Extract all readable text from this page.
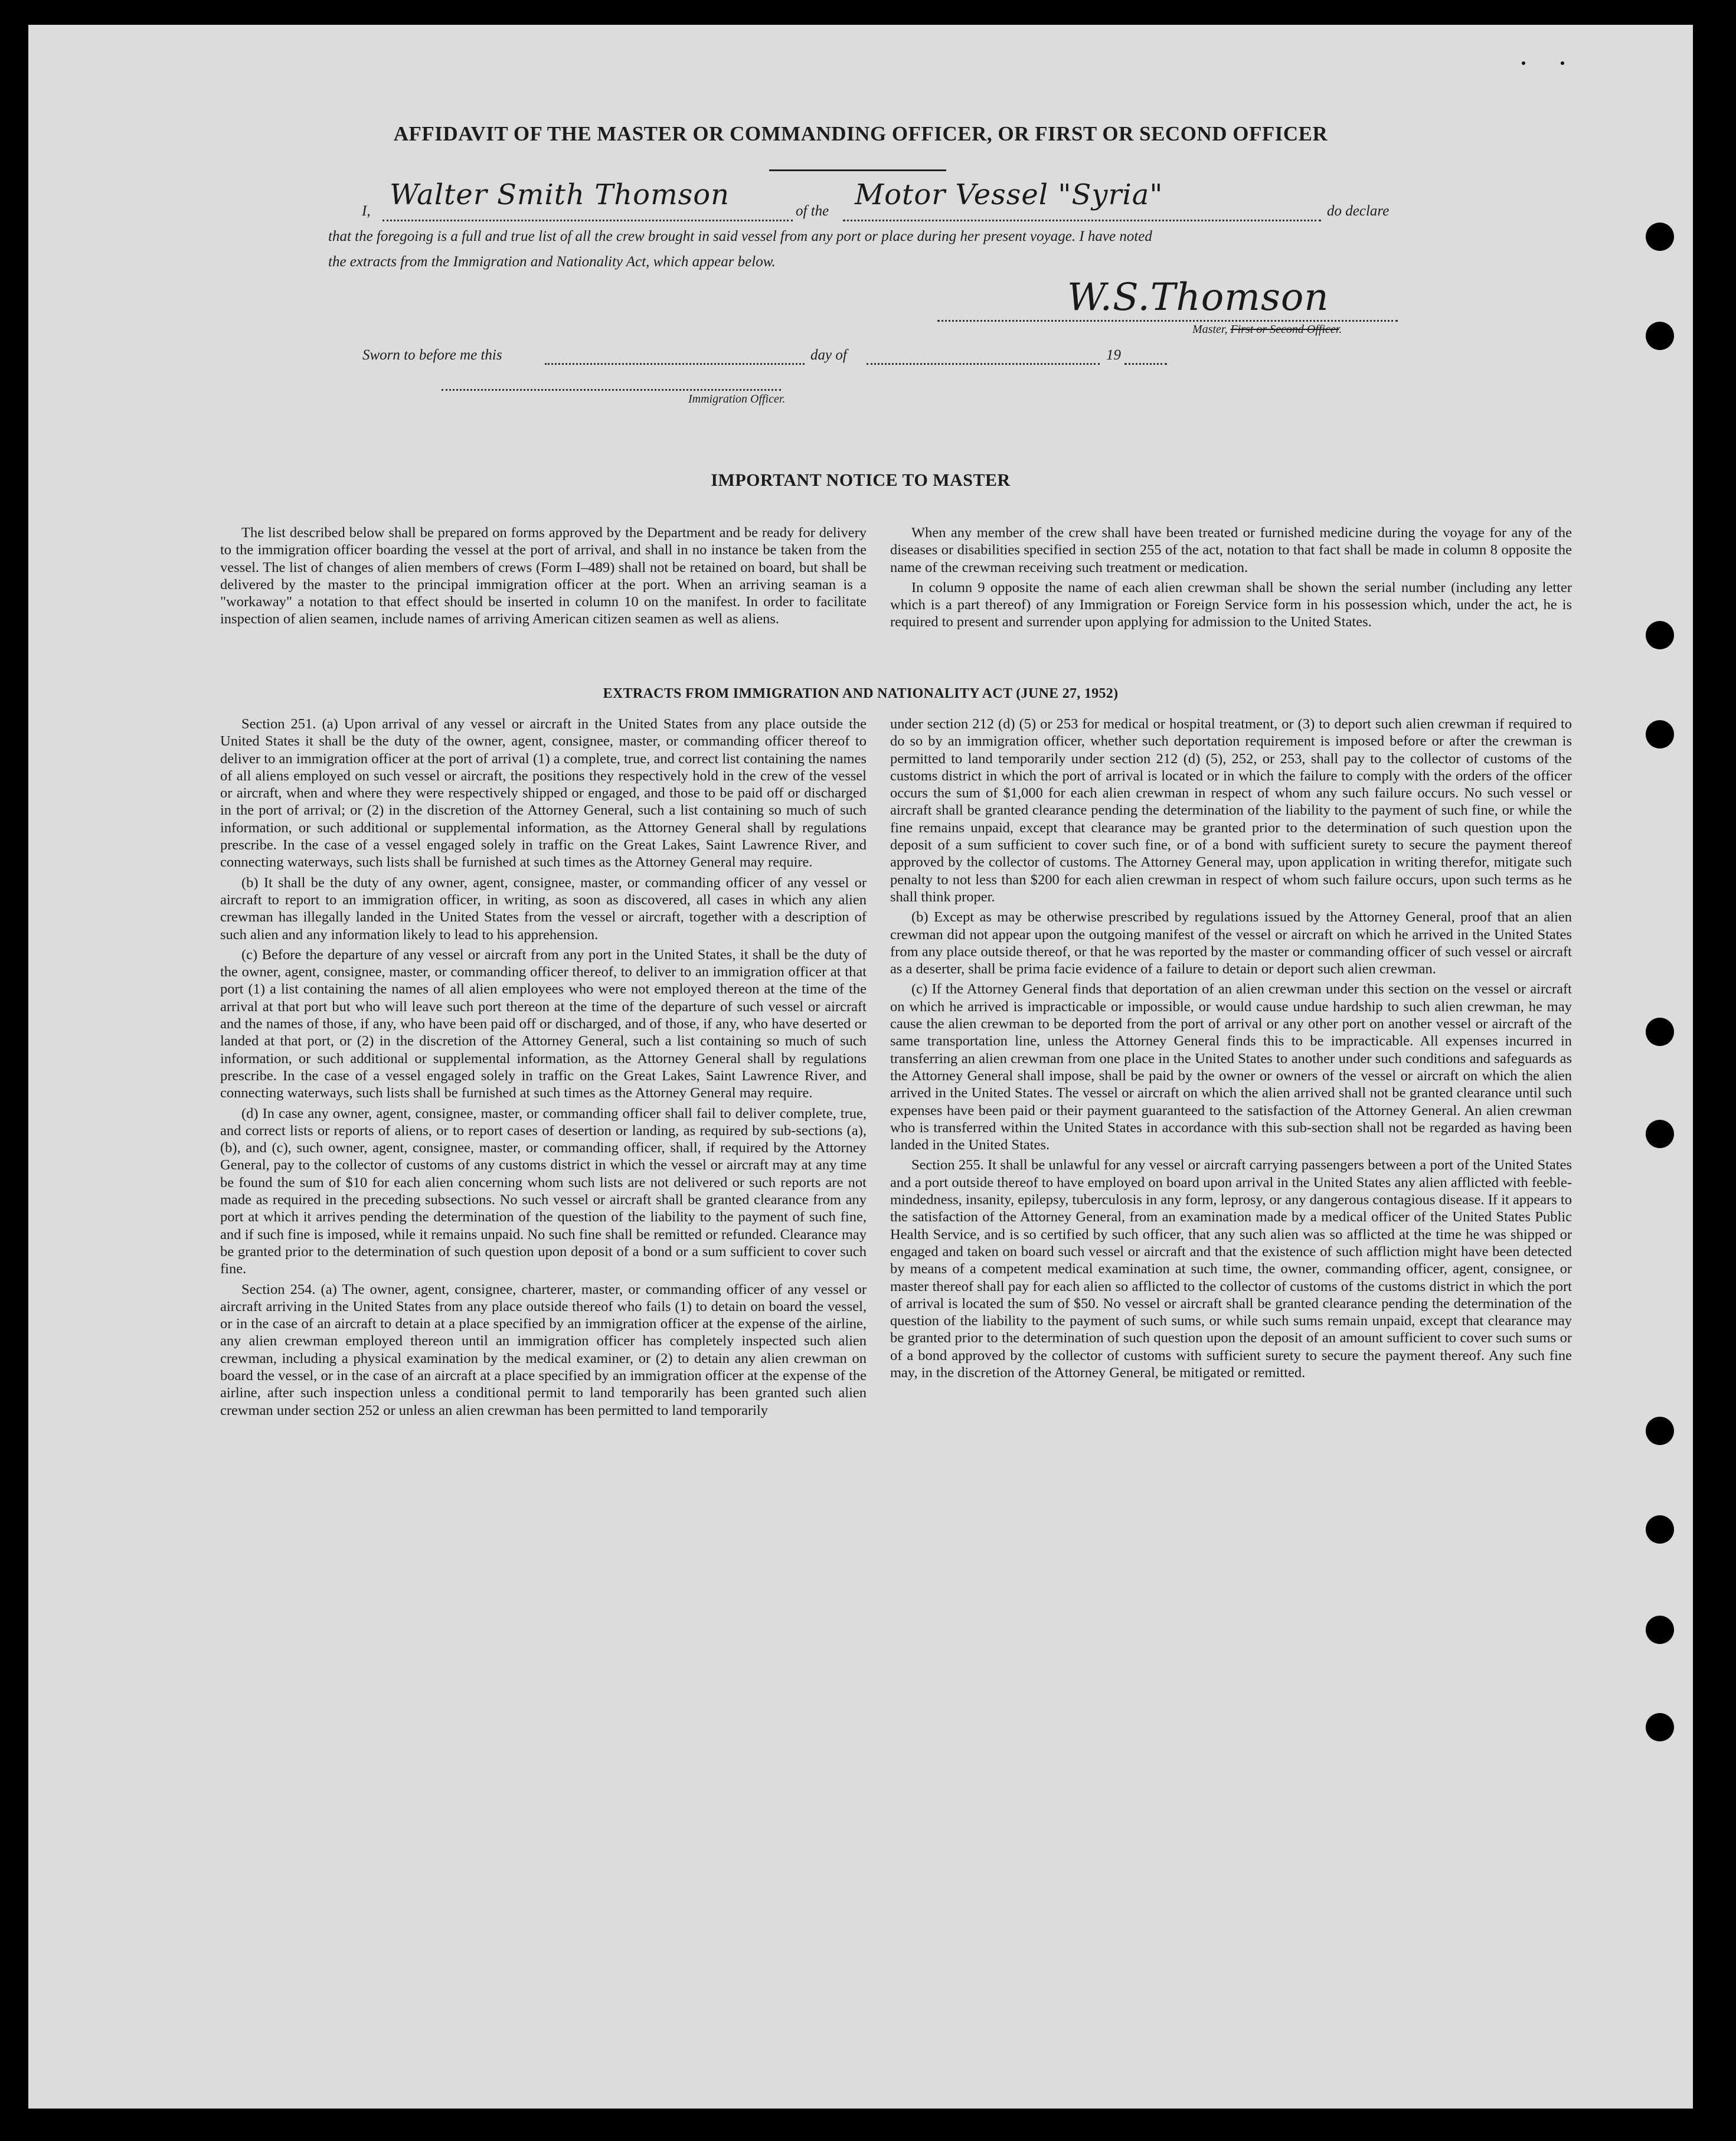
AFFIDAVIT OF THE MASTER OR COMMANDING OFFICER, OR FIRST OR SECOND OFFICER
I, Walter Smith Thomson	of the Motor Vessel "Syria"	do declare
that the foregoing is a full and true list of all the crew brought in said vessel from any port or place during her present voyage. I have noted
the extracts from the Immigration and Nationality Act, which appear below.
W.S.Thomson
Master, First or Second Officer.
Sworn to before me this	day of	19
Immigration Officer.
IMPORTANT NOTICE TO MASTER

The list described below shall be prepared on forms approved by the Department and be ready for delivery to the immigration officer boarding the vessel at the port of arrival, and shall in no instance be taken from the vessel. The list of changes of alien members of crews (Form I–489) shall not be retained on board, but shall be delivered by the master to the principal immigration officer at the port. When an arriving seaman is a "workaway" a notation to that effect should be inserted in column 10 on the manifest. In order to facilitate inspection of alien seamen, include names of arriving American citizen seamen as well as aliens.

When any member of the crew shall have been treated or furnished medicine during the voyage for any of the diseases or disabilities specified in section 255 of the act, notation to that fact shall be made in column 8 opposite the name of the crewman receiving such treatment or medication.

In column 9 opposite the name of each alien crewman shall be shown the serial number (including any letter which is a part thereof) of any Immigration or Foreign Service form in his possession which, under the act, he is required to present and surrender upon applying for admission to the United States.

EXTRACTS FROM IMMIGRATION AND NATIONALITY ACT (JUNE 27, 1952)

Section 251. (a) Upon arrival of any vessel or aircraft in the United States from any place outside the United States it shall be the duty of the owner, agent, consignee, master, or commanding officer thereof to deliver to an immigration officer at the port of arrival (1) a complete, true, and correct list containing the names of all aliens employed on such vessel or aircraft, the positions they respectively hold in the crew of the vessel or aircraft, when and where they were respectively shipped or engaged, and those to be paid off or discharged in the port of arrival; or (2) in the discretion of the Attorney General, such a list containing so much of such information, or such additional or supplemental information, as the Attorney General shall by regulations prescribe. In the case of a vessel engaged solely in traffic on the Great Lakes, Saint Lawrence River, and connecting waterways, such lists shall be furnished at such times as the Attorney General may require.

(b) It shall be the duty of any owner, agent, consignee, master, or commanding officer of any vessel or aircraft to report to an immigration officer, in writing, as soon as discovered, all cases in which any alien crewman has illegally landed in the United States from the vessel or aircraft, together with a description of such alien and any information likely to lead to his apprehension.

(c) Before the departure of any vessel or aircraft from any port in the United States, it shall be the duty of the owner, agent, consignee, master, or commanding officer thereof, to deliver to an immigration officer at that port (1) a list containing the names of all alien employees who were not employed thereon at the time of the arrival at that port but who will leave such port thereon at the time of the departure of such vessel or aircraft and the names of those, if any, who have been paid off or discharged, and of those, if any, who have deserted or landed at that port, or (2) in the discretion of the Attorney General, such a list containing so much of such information, or such additional or supplemental information, as the Attorney General shall by regulations prescribe. In the case of a vessel engaged solely in traffic on the Great Lakes, Saint Lawrence River, and connecting waterways, such lists shall be furnished at such times as the Attorney General may require.

(d) In case any owner, agent, consignee, master, or commanding officer shall fail to deliver complete, true, and correct lists or reports of aliens, or to report cases of desertion or landing, as required by sub-sections (a), (b), and (c), such owner, agent, consignee, master, or commanding officer, shall, if required by the Attorney General, pay to the collector of customs of any customs district in which the vessel or aircraft may at any time be found the sum of $10 for each alien concerning whom such lists are not delivered or such reports are not made as required in the preceding subsections. No such vessel or aircraft shall be granted clearance from any port at which it arrives pending the determination of the question of the liability to the payment of such fine, and if such fine is imposed, while it remains unpaid. No such fine shall be remitted or refunded. Clearance may be granted prior to the determination of such question upon deposit of a bond or a sum sufficient to cover such fine.

Section 254. (a) The owner, agent, consignee, charterer, master, or commanding officer of any vessel or aircraft arriving in the United States from any place outside thereof who fails (1) to detain on board the vessel, or in the case of an aircraft to detain at a place specified by an immigration officer at the expense of the airline, any alien crewman employed thereon until an immigration officer has completely inspected such alien crewman, including a physical examination by the medical examiner, or (2) to detain any alien crewman on board the vessel, or in the case of an aircraft at a place specified by an immigration officer at the expense of the airline, after such inspection unless a conditional permit to land temporarily has been granted such alien crewman under section 252 or unless an alien crewman has been permitted to land temporarily

under section 212 (d) (5) or 253 for medical or hospital treatment, or (3) to deport such alien crewman if required to do so by an immigration officer, whether such deportation requirement is imposed before or after the crewman is permitted to land temporarily under section 212 (d) (5), 252, or 253, shall pay to the collector of customs of the customs district in which the port of arrival is located or in which the failure to comply with the orders of the officer occurs the sum of $1,000 for each alien crewman in respect of whom any such failure occurs. No such vessel or aircraft shall be granted clearance pending the determination of the liability to the payment of such fine, or while the fine remains unpaid, except that clearance may be granted prior to the determination of such question upon the deposit of a sum sufficient to cover such fine, or of a bond with sufficient surety to secure the payment thereof approved by the collector of customs. The Attorney General may, upon application in writing therefor, mitigate such penalty to not less than $200 for each alien crewman in respect of whom such failure occurs, upon such terms as he shall think proper.

(b) Except as may be otherwise prescribed by regulations issued by the Attorney General, proof that an alien crewman did not appear upon the outgoing manifest of the vessel or aircraft on which he arrived in the United States from any place outside thereof, or that he was reported by the master or commanding officer of such vessel or aircraft as a deserter, shall be prima facie evidence of a failure to detain or deport such alien crewman.

(c) If the Attorney General finds that deportation of an alien crewman under this section on the vessel or aircraft on which he arrived is impracticable or impossible, or would cause undue hardship to such alien crewman, he may cause the alien crewman to be deported from the port of arrival or any other port on another vessel or aircraft of the same transportation line, unless the Attorney General finds this to be impracticable. All expenses incurred in transferring an alien crewman from one place in the United States to another under such conditions and safeguards as the Attorney General shall impose, shall be paid by the owner or owners of the vessel or aircraft on which the alien arrived in the United States. The vessel or aircraft on which the alien arrived shall not be granted clearance until such expenses have been paid or their payment guaranteed to the satisfaction of the Attorney General. An alien crewman who is transferred within the United States in accordance with this sub-section shall not be regarded as having been landed in the United States.

Section 255. It shall be unlawful for any vessel or aircraft carrying passengers between a port of the United States and a port outside thereof to have employed on board upon arrival in the United States any alien afflicted with feeble-mindedness, insanity, epilepsy, tuberculosis in any form, leprosy, or any dangerous contagious disease. If it appears to the satisfaction of the Attorney General, from an examination made by a medical officer of the United States Public Health Service, and is so certified by such officer, that any such alien was so afflicted at the time he was shipped or engaged and taken on board such vessel or aircraft and that the existence of such affliction might have been detected by means of a competent medical examination at such time, the owner, commanding officer, agent, consignee, or master thereof shall pay for each alien so afflicted to the collector of customs of the customs district in which the port of arrival is located the sum of $50. No vessel or aircraft shall be granted clearance pending the determination of the question of the liability to the payment of such sums, or while such sums remain unpaid, except that clearance may be granted prior to the determination of such question upon the deposit of an amount sufficient to cover such sums or of a bond approved by the collector of customs with sufficient surety to secure the payment thereof. Any such fine may, in the discretion of the Attorney General, be mitigated or remitted.
